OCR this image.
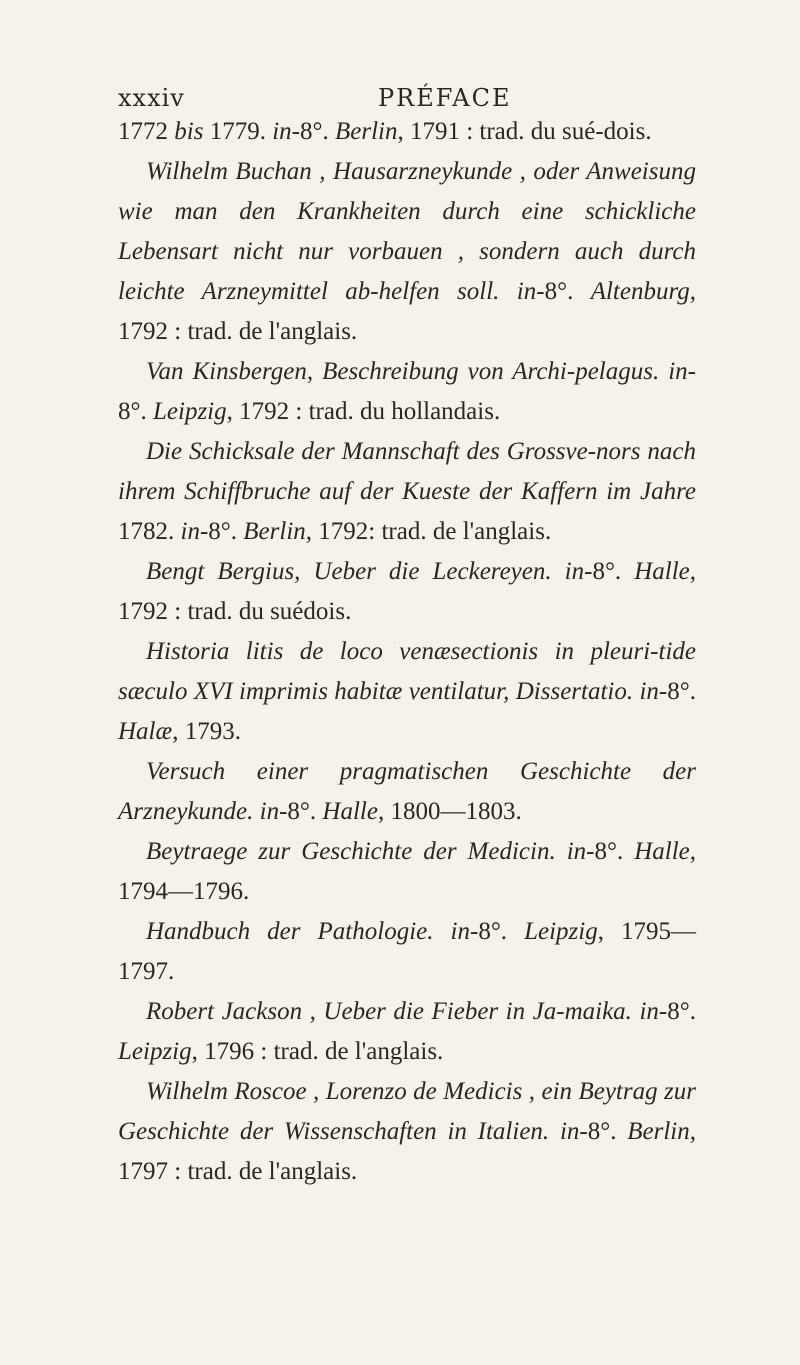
xxxiv	PRÉFACE

1772 bis 1779. in-8°. Berlin, 1791 : trad. du sué-dois.

Wilhelm Buchan , Hausarzneykunde , oder Anweisung wie man den Krankheiten durch eine schickliche Lebensart nicht nur vorbauen , sondern auch durch leichte Arzneymittel ab-helfen soll. in-8°. Altenburg, 1792 : trad. de l'anglais.

Van Kinsbergen, Beschreibung von Archi-pelagus. in-8°. Leipzig, 1792 : trad. du hollandais.

Die Schicksale der Mannschaft des Grossve-nors nach ihrem Schiffbruche auf der Kueste der Kaffern im Jahre 1782. in-8°. Berlin, 1792: trad. de l'anglais.

Bengt Bergius, Ueber die Leckereyen. in-8°. Halle, 1792 : trad. du suédois.

Historia litis de loco venæsectionis in pleuri-tide sæculo XVI imprimis habitæ ventilatur, Dissertatio. in-8°. Halæ, 1793.

Versuch einer pragmatischen Geschichte der Arzneykunde. in-8°. Halle, 1800—1803.

Beytraege zur Geschichte der Medicin. in-8°. Halle, 1794—1796.

Handbuch der Pathologie. in-8°. Leipzig, 1795—1797.

Robert Jackson , Ueber die Fieber in Ja-maika. in-8°. Leipzig, 1796 : trad. de l'anglais.

Wilhelm Roscoe , Lorenzo de Medicis , ein Beytrag zur Geschichte der Wissenschaften in Italien. in-8°. Berlin, 1797 : trad. de l'anglais.
